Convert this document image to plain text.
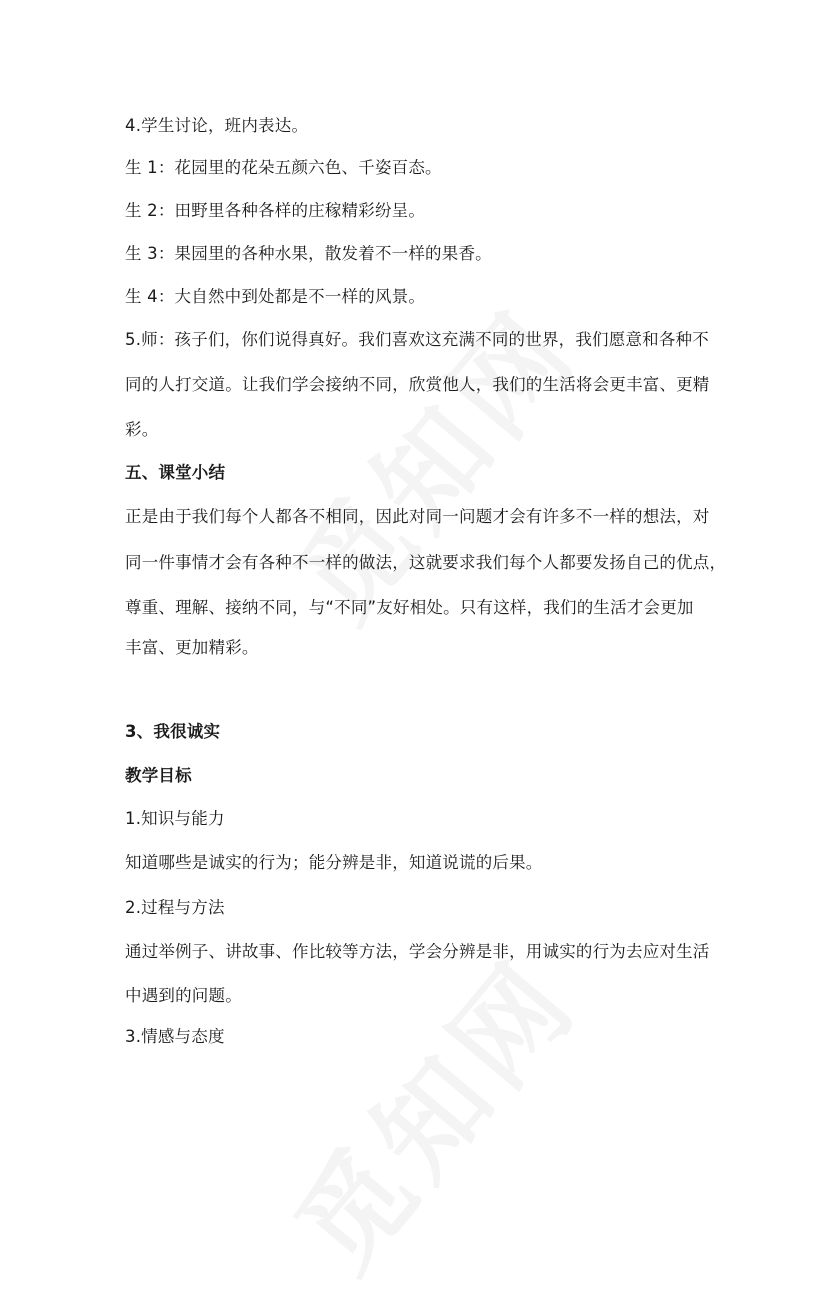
4.学生讨论，班内表达。
生 1：花园里的花朵五颜六色、千姿百态。
生 2：田野里各种各样的庄稼精彩纷呈。
生 3：果园里的各种水果，散发着不一样的果香。
生 4：大自然中到处都是不一样的风景。
5.师：孩子们，你们说得真好。我们喜欢这充满不同的世界，我们愿意和各种不
同的人打交道。让我们学会接纳不同，欣赏他人，我们的生活将会更丰富、更精
彩。
五、课堂小结
正是由于我们每个人都各不相同，因此对同一问题才会有许多不一样的想法，对
同一件事情才会有各种不一样的做法，这就要求我们每个人都要发扬自己的优点，
尊重、理解、接纳不同，与“不同”友好相处。只有这样，我们的生活才会更加
丰富、更加精彩。
3、我很诚实
教学目标
1.知识与能力
知道哪些是诚实的行为；能分辨是非，知道说谎的后果。
2.过程与方法
通过举例子、讲故事、作比较等方法，学会分辨是非，用诚实的行为去应对生活
中遇到的问题。
3.情感与态度
